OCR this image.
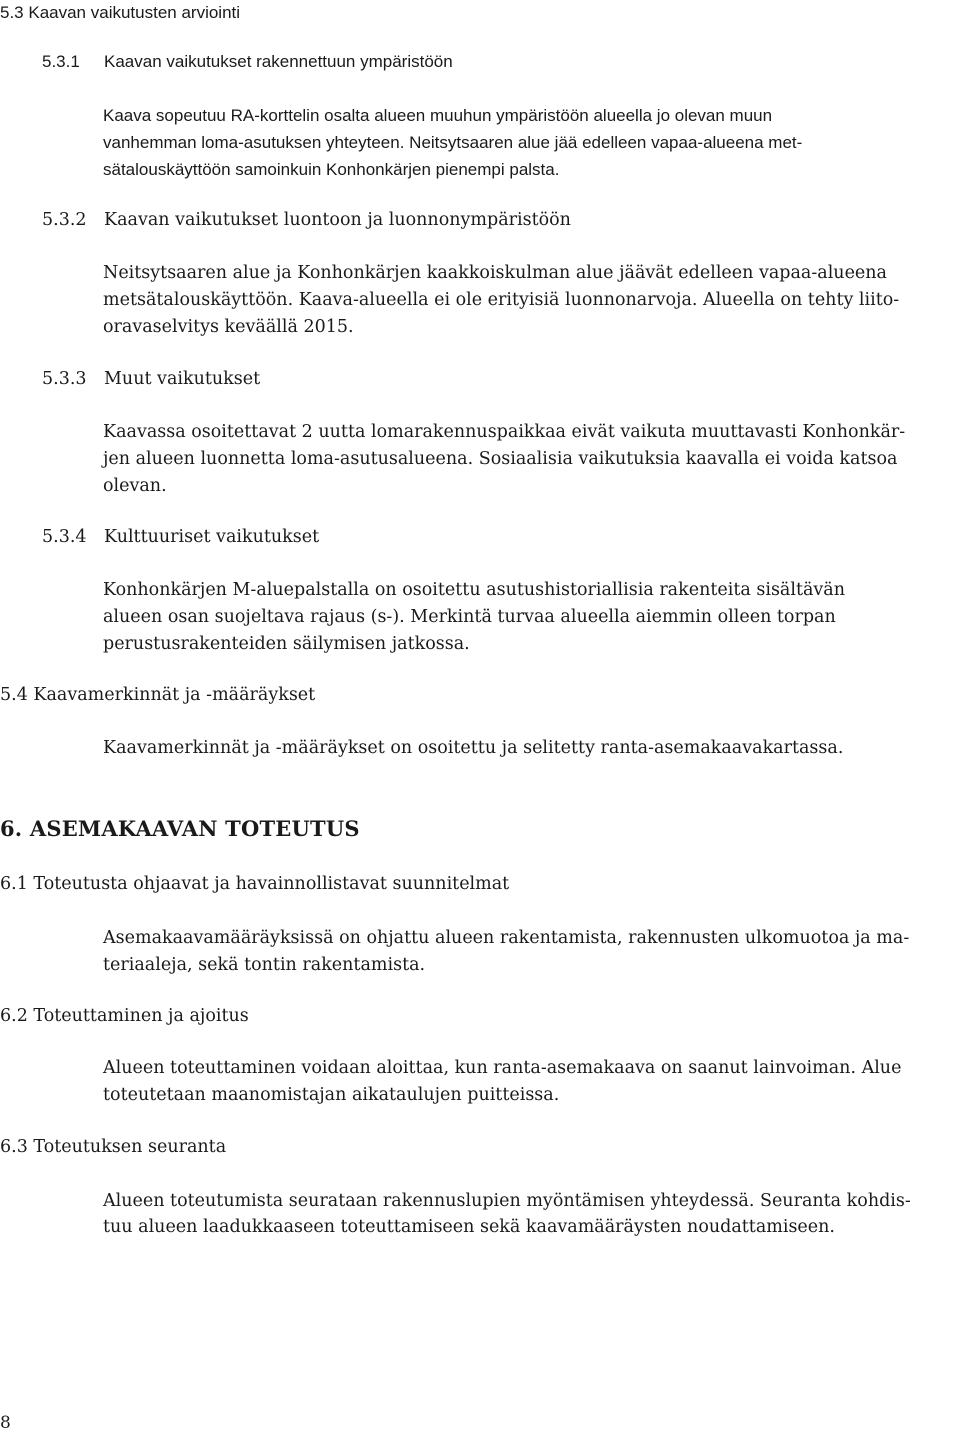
5.3 Kaavan vaikutusten arviointi
5.3.1 Kaavan vaikutukset rakennettuun ympäristöön
Kaava sopeutuu RA-korttelin osalta alueen muuhun ympäristöön alueella jo olevan muun
vanhemman loma-asutuksen yhteyteen. Neitsytsaaren alue jää edelleen vapaa-alueena met-
sätalouskäyttöön samoinkuin Konhonkärjen pienempi palsta.
5.3.2 Kaavan vaikutukset luontoon ja luonnonympäristöön
Neitsytsaaren alue ja Konhonkärjen kaakkoiskulman alue jäävät edelleen vapaa-alueena
metsätalouskäyttöön. Kaava-alueella ei ole erityisiä luonnonarvoja. Alueella on tehty liito-
oravaselvitys keväällä 2015.
5.3.3 Muut vaikutukset
Kaavassa osoitettavat 2 uutta lomarakennuspaikkaa eivät vaikuta muuttavasti Konhonkär-
jen alueen luonnetta loma-asutusalueena. Sosiaalisia vaikutuksia kaavalla ei voida katsoa
olevan.
5.3.4 Kulttuuriset vaikutukset
Konhonkärjen M-aluepalstalla on osoitettu asutushistoriallisia rakenteita sisältävän
alueen osan suojeltava rajaus (s-). Merkintä turvaa alueella aiemmin olleen torpan
perustusrakenteiden säilymisen jatkossa.
5.4 Kaavamerkinnät ja -määräykset
Kaavamerkinnät ja -määräykset on osoitettu ja selitetty ranta-asemakaavakartassa.
6. ASEMAKAAVAN TOTEUTUS
6.1 Toteutusta ohjaavat ja havainnollistavat suunnitelmat
Asemakaavamääräyksissä on ohjattu alueen rakentamista, rakennusten ulkomuotoa ja ma-
teriaaleja, sekä tontin rakentamista.
6.2 Toteuttaminen ja ajoitus
Alueen toteuttaminen voidaan aloittaa, kun ranta-asemakaava on saanut lainvoiman. Alue
toteutetaan maanomistajan aikataulujen puitteissa.
6.3 Toteutuksen seuranta
Alueen toteutumista seurataan rakennuslupien myöntämisen yhteydessä. Seuranta kohdis-
tuu alueen laadukkaaseen toteuttamiseen sekä kaavamääräysten noudattamiseen.
8
